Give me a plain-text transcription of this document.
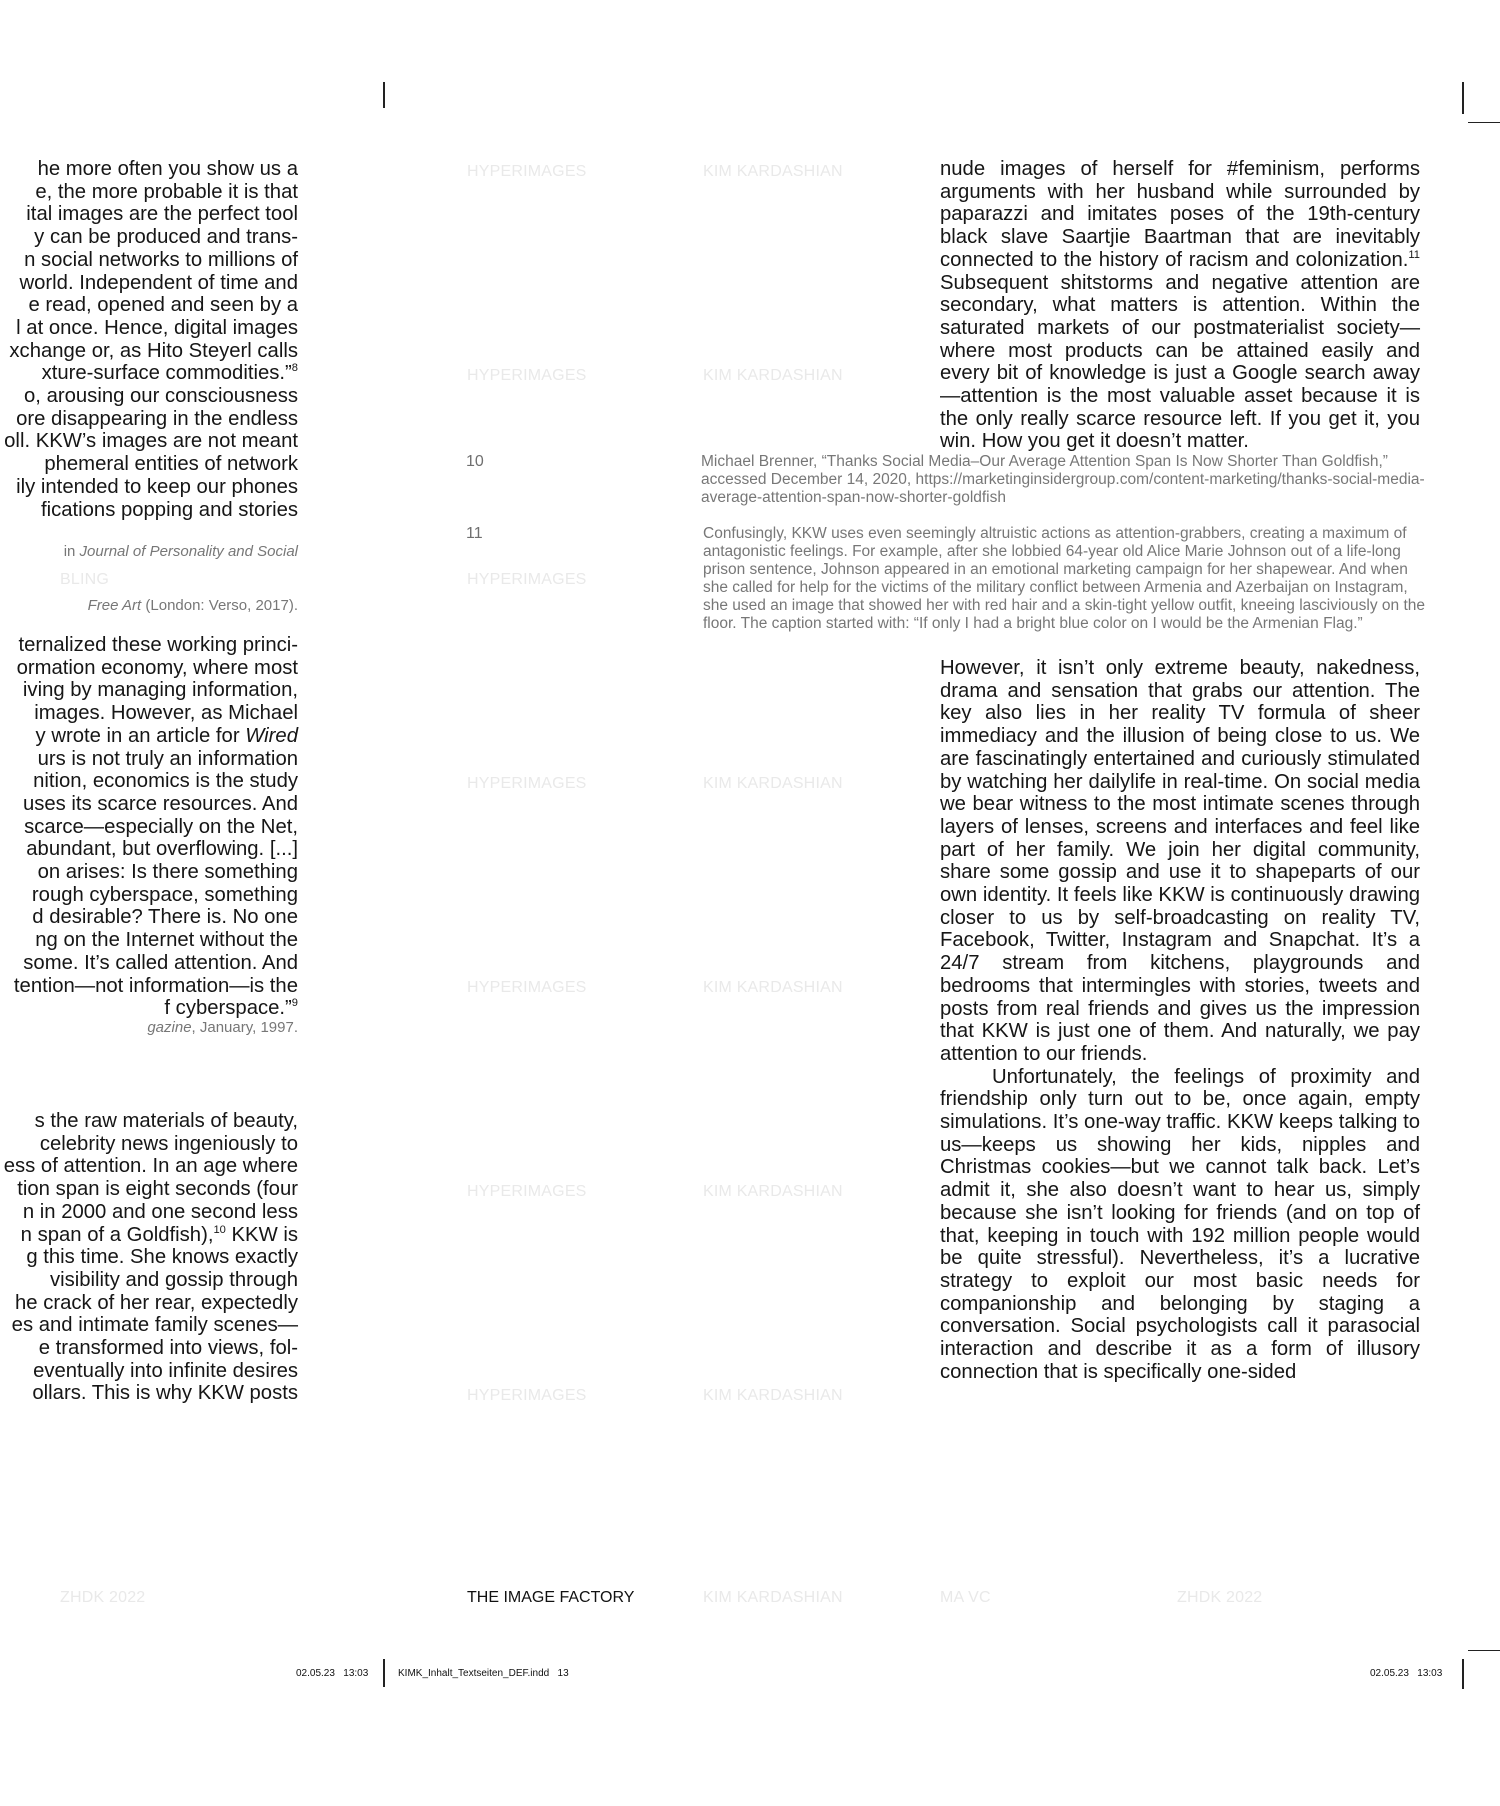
HYPERIMAGES	KIM KARDASHIAN
HYPERIMAGES	KIM KARDASHIAN
BLING	HYPERIMAGES
HYPERIMAGES	KIM KARDASHIAN
HYPERIMAGES	KIM KARDASHIAN
HYPERIMAGES	KIM KARDASHIAN
HYPERIMAGES	KIM KARDASHIAN
ZHDK 2022	KIM KARDASHIAN	MA VC	ZHDK 2022
THE IMAGE FACTORY
02.05.23 13:03	KIMK_Inhalt_Textseiten_DEF.indd 13	02.05.23 13:03
he more often you show us a
e, the more probable it is that
ital images are the perfect tool
y can be produced and trans-
n social networks to millions of
world. Independent of time and
e read, opened and seen by a
l at once. Hence, digital images
xchange or, as Hito Steyerl calls
xture-surface commodities.”$^8$
o, arousing our consciousness
ore disappearing in the endless
oll. KKW’s images are not meant
phemeral entities of network
ily intended to keep our phones
fications popping and stories
ternalized these working princi-
ormation economy, where most
iving by managing information,
images. However, as Michael
y wrote in an article for Wired
urs is not truly an information
nition, economics is the study
uses its scarce resources. And
scarce—especially on the Net,
abundant, but overflowing. [...]
on arises: Is there something
rough cyberspace, something
d desirable? There is. No one
ng on the Internet without the
some. It’s called attention. And
tention—not information—is the
f cyberspace.”$^9$
s the raw materials of beauty,
celebrity news ingeniously to
ess of attention. In an age where
tion span is eight seconds (four
n in 2000 and one second less
n span of a Goldfish),$^{10}$ KKW is
g this time. She knows exactly
visibility and gossip through
he crack of her rear, expectedly
es and intimate family scenes—
e transformed into views, fol-
eventually into infinite desires
ollars. This is why KKW posts
in Journal of Personality and Social
Free Art (London: Verso, 2017).
gazine, January, 1997.

nude images of herself for #feminism, performs arguments with her husband while surrounded by paparazzi and imitates poses of the 19th-century black slave Saartjie Baartman that are inevitably connected to the history of racism and colonization.$^{11}$ Subsequent shitstorms and negative attention are secondary, what matters is attention. Within the saturated markets of our postmaterialist society—where most products can be attained easily and every bit of knowledge is just a Google search away—attention is the most valuable asset because it is the only really scarce resource left. If you get it, you win. How you get it doesn’t matter.

10	Michael Brenner, “Thanks Social Media–Our Average Attention Span Is Now Shorter Than Goldfish,” accessed December 14, 2020, https://marketinginsidergroup.com/content-marketing/thanks-social-media-average-attention-span-now-shorter-goldfish

11	Confusingly, KKW uses even seemingly altruistic actions as attention-grabbers, creating a maximum of antagonistic feelings. For example, after she lobbied 64-year old Alice Marie Johnson out of a life-long prison sentence, Johnson appeared in an emotional marketing campaign for her shapewear. And when she called for help for the victims of the military conflict between Armenia and Azerbaijan on Instagram, she used an image that showed her with red hair and a skin-tight yellow outfit, kneeing lasciviously on the floor. The caption started with: “If only I had a bright blue color on I would be the Armenian Flag.”

However, it isn’t only extreme beauty, nakedness, drama and sensation that grabs our attention. The key also lies in her reality TV formula of sheer immediacy and the illusion of being close to us. We are fascinatingly entertained and curiously stimulated by watching her dailylife in real-time. On social media we bear witness to the most intimate scenes through layers of lenses, screens and interfaces and feel like part of her family. We join her digital community, share some gossip and use it to shapeparts of our own identity. It feels like KKW is continuously drawing closer to us by self-broadcasting on reality TV, Facebook, Twitter, Instagram and Snapchat. It’s a 24/7 stream from kitchens, playgrounds and bedrooms that intermingles with stories, tweets and posts from real friends and gives us the impression that KKW is just one of them. And naturally, we pay attention to our friends.

Unfortunately, the feelings of proximity and friendship only turn out to be, once again, empty simulations. It’s one-way traffic. KKW keeps talking to us—keeps us showing her kids, nipples and Christmas cookies—but we cannot talk back. Let’s admit it, she also doesn’t want to hear us, simply because she isn’t looking for friends (and on top of that, keeping in touch with 192 million people would be quite stressful). Nevertheless, it’s a lucrative strategy to exploit our most basic needs for companionship and belonging by staging a conversation. Social psychologists call it parasocial interaction and describe it as a form of illusory connection that is specifically one-sided
